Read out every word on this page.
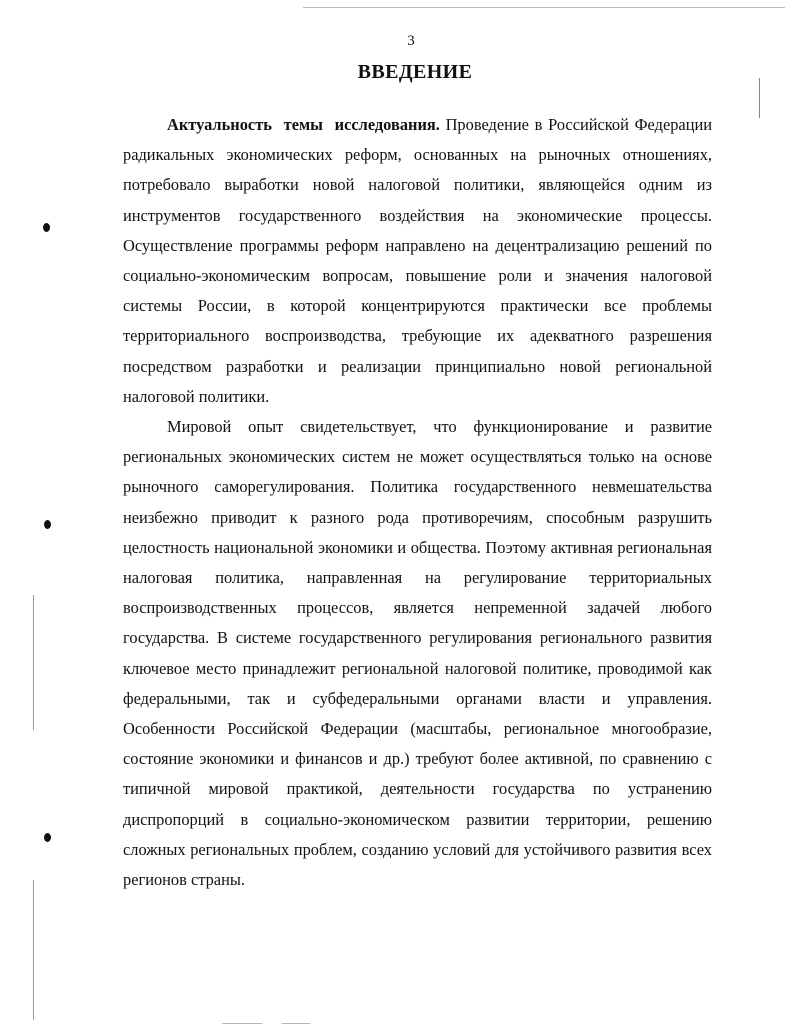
3
ВВЕДЕНИЕ

Актуальность темы исследования. Проведение в Российской Федерации радикальных экономических реформ, основанных на рыночных отношениях, потребовало выработки новой налоговой политики, являющейся одним из инструментов государственного воздействия на экономические процессы. Осуществление программы реформ направлено на децентрализацию решений по социально-экономическим вопросам, повышение роли и значения налоговой системы России, в которой концентрируются практически все проблемы территориального воспроизводства, требующие их адекватного разрешения посредством разработки и реализации принципиально новой региональной налоговой политики.

Мировой опыт свидетельствует, что функционирование и развитие региональных экономических систем не может осуществляться только на основе рыночного саморегулирования. Политика государственного невмешательства неизбежно приводит к разного рода противоречиям, способным разрушить целостность национальной экономики и общества. Поэтому активная региональная налоговая политика, направленная на регулирование территориальных воспроизводственных процессов, является непременной задачей любого государства. В системе государственного регулирования регионального развития ключевое место принадлежит региональной налоговой политике, проводимой как федеральными, так и субфедеральными органами власти и управления. Особенности Российской Федерации (масштабы, региональное многообразие, состояние экономики и финансов и др.) требуют более активной, по сравнению с типичной мировой практикой, деятельности государства по устранению диспропорций в социально-экономическом развитии территории, решению сложных региональных проблем, созданию условий для устойчивого развития всех регионов страны.
